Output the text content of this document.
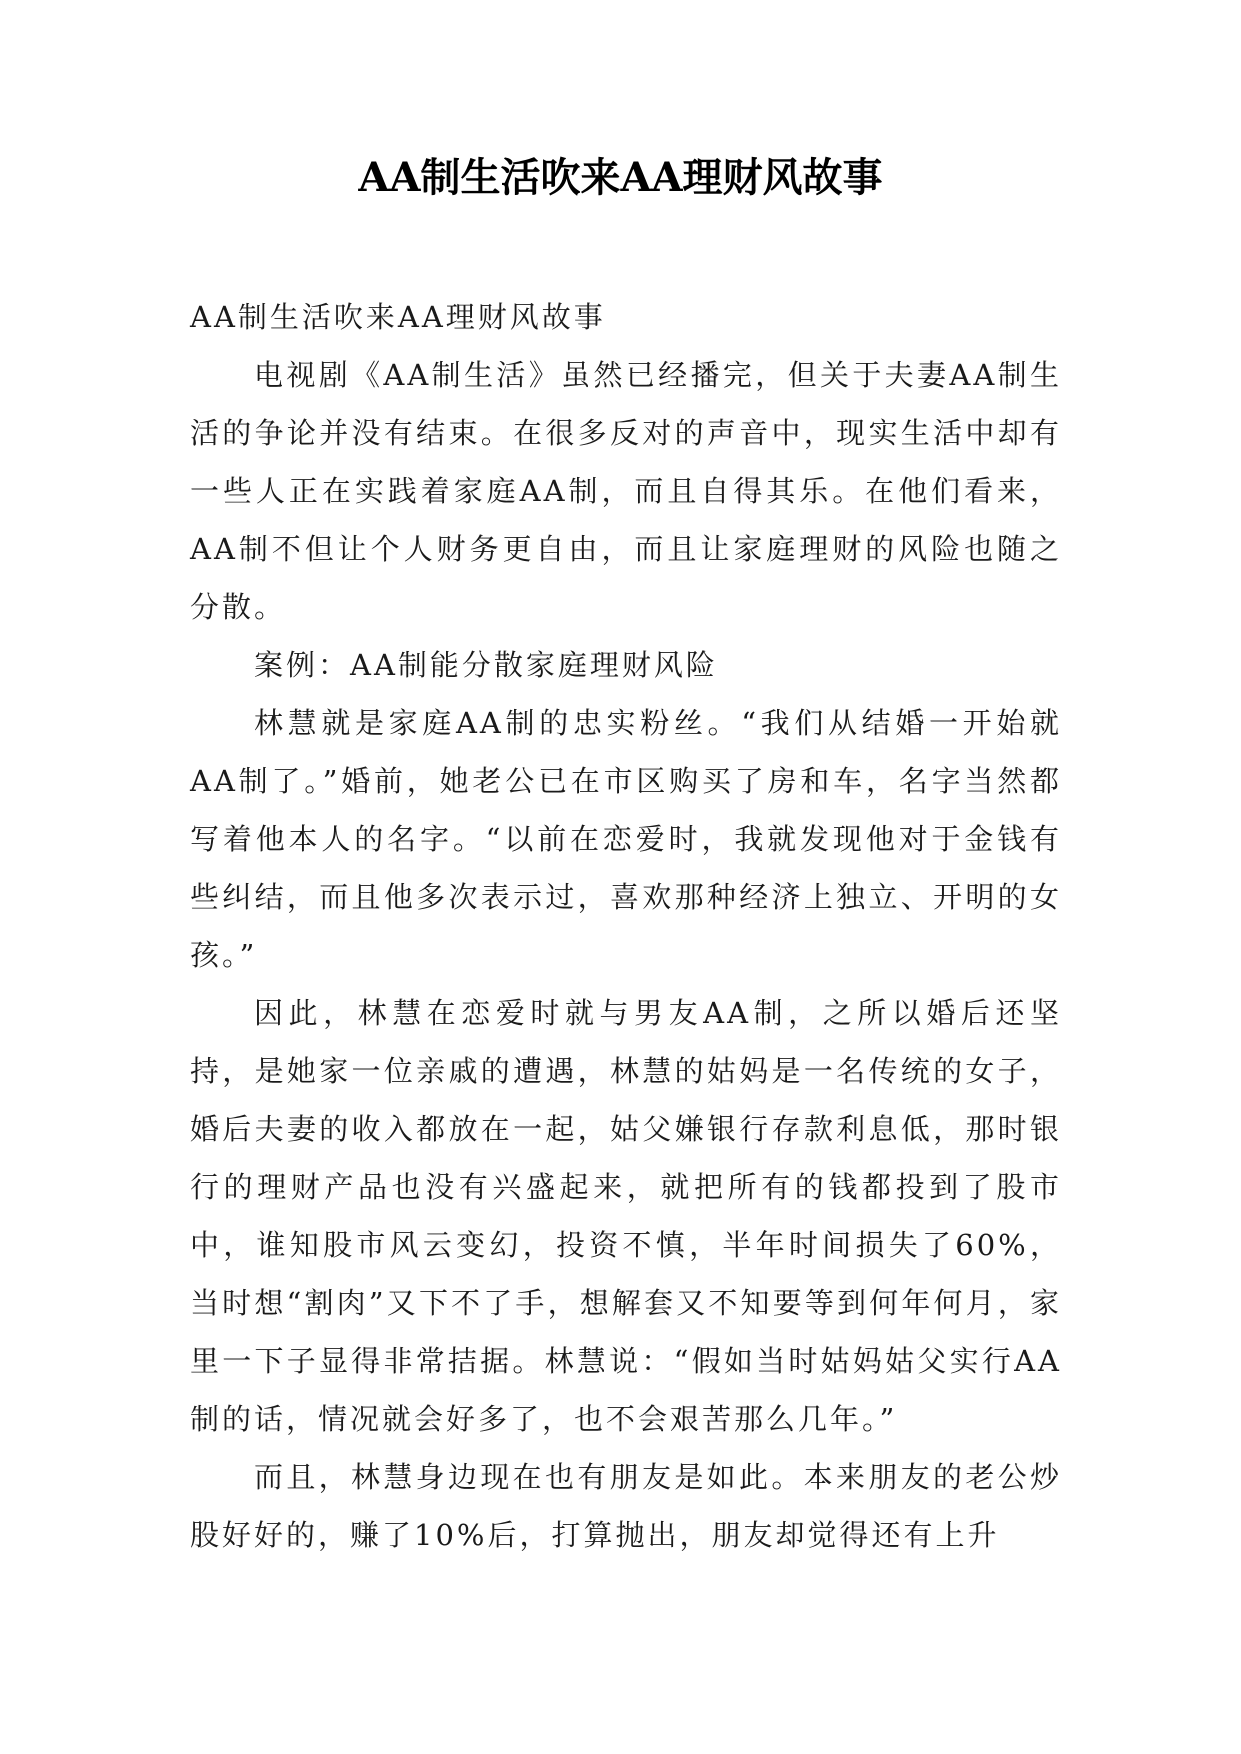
AA制生活吹来AA理财风故事

AA制生活吹来AA理财风故事

电视剧《AA制生活》虽然已经播完，但关于夫妻AA制生活的争论并没有结束。在很多反对的声音中，现实生活中却有一些人正在实践着家庭AA制，而且自得其乐。在他们看来，AA制不但让个人财务更自由，而且让家庭理财的风险也随之分散。

案例：AA制能分散家庭理财风险

林慧就是家庭AA制的忠实粉丝。“我们从结婚一开始就AA制了。”婚前，她老公已在市区购买了房和车，名字当然都写着他本人的名字。“以前在恋爱时，我就发现他对于金钱有些纠结，而且他多次表示过，喜欢那种经济上独立、开明的女孩。”

因此，林慧在恋爱时就与男友AA制，之所以婚后还坚持，是她家一位亲戚的遭遇，林慧的姑妈是一名传统的女子，婚后夫妻的收入都放在一起，姑父嫌银行存款利息低，那时银行的理财产品也没有兴盛起来，就把所有的钱都投到了股市中，谁知股市风云变幻，投资不慎，半年时间损失了60%，当时想“割肉”又下不了手，想解套又不知要等到何年何月，家里一下子显得非常拮据。林慧说：“假如当时姑妈姑父实行AA制的话，情况就会好多了，也不会艰苦那么几年。”

而且，林慧身边现在也有朋友是如此。本来朋友的老公炒股好好的，赚了10%后，打算抛出，朋友却觉得还有上升
